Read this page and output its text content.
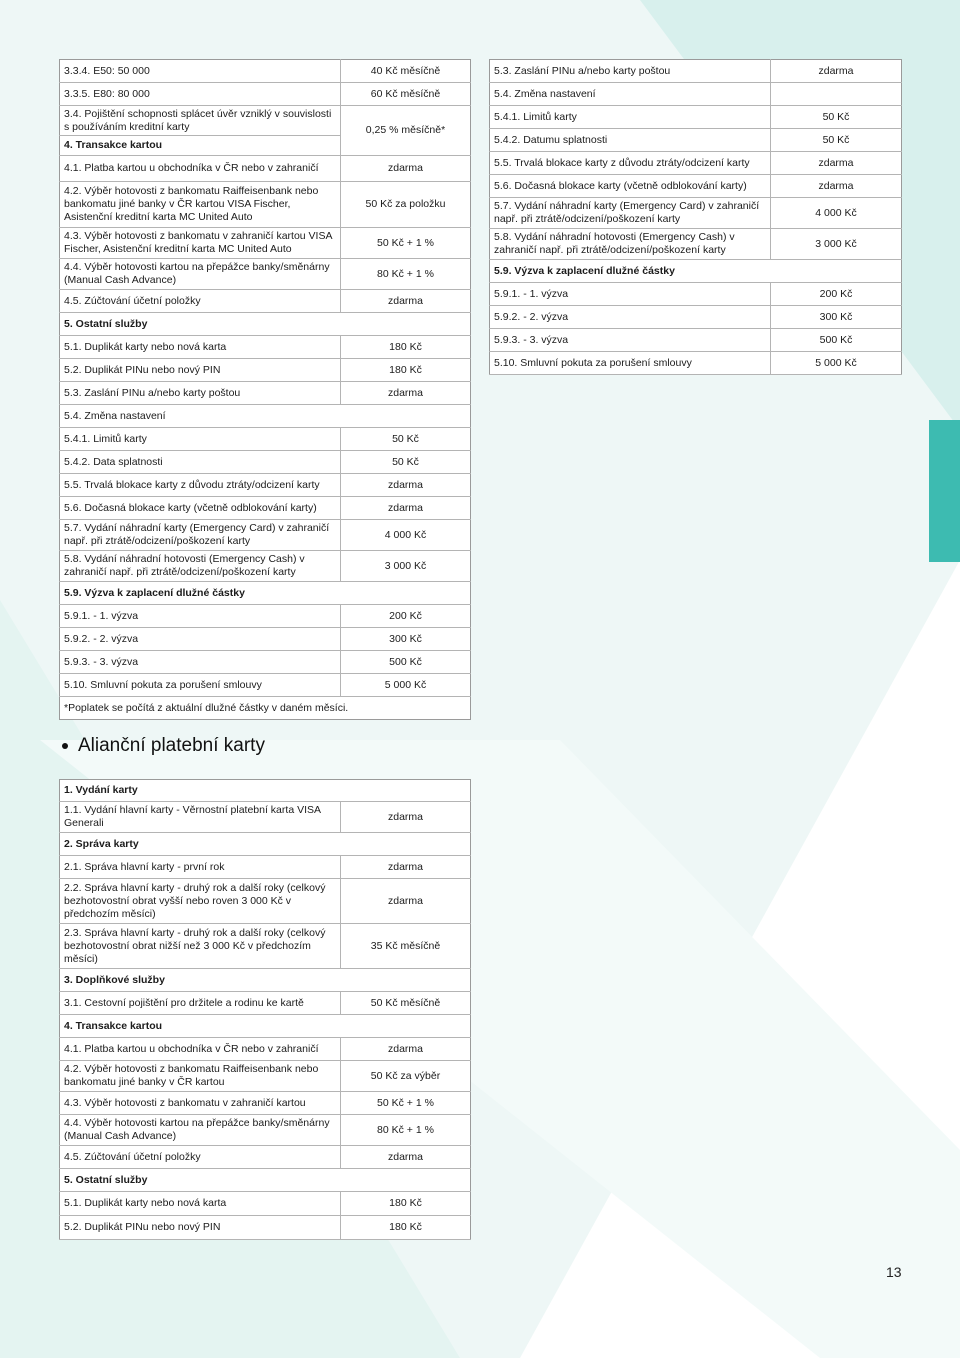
3.3.4. E50: 50 000	40 Kč měsíčně
3.3.5. E80: 80 000	60 Kč měsíčně
3.4. Pojištění schopnosti splácet úvěr vzniklý v souvislosti s používáním kreditní karty	0,25 % měsíčně*
4. Transakce kartou	
4.1. Platba kartou u obchodníka v ČR nebo v zahraničí	zdarma
4.2. Výběr hotovosti z bankomatu Raiffeisenbank nebo bankomatu jiné banky v ČR kartou VISA Fischer, Asistenční kreditní karta MC United Auto	50 Kč za položku
4.3. Výběr hotovosti z bankomatu v zahraničí kartou VISA Fischer, Asistenční kreditní karta MC United Auto	50 Kč + 1 %
4.4. Výběr hotovosti kartou na přepážce banky/směnárny (Manual Cash Advance)	80 Kč + 1 %
4.5. Zúčtování účetní položky	zdarma
5. Ostatní služby	
5.1. Duplikát karty nebo nová karta	180 Kč
5.2. Duplikát PINu nebo nový PIN	180 Kč
5.3. Zaslání PINu a/nebo karty poštou	zdarma
5.4. Změna nastavení	
5.4.1. Limitů karty	50 Kč
5.4.2. Data splatnosti	50 Kč
5.5. Trvalá blokace karty z důvodu ztráty/odcizení karty	zdarma
5.6. Dočasná blokace karty (včetně odblokování karty)	zdarma
5.7. Vydání náhradní karty (Emergency Card) v zahraničí např. při ztrátě/odcizení/poškození karty	4 000 Kč
5.8. Vydání náhradní hotovosti (Emergency Cash) v zahraničí např. při ztrátě/odcizení/poškození karty	3 000 Kč
5.9. Výzva k zaplacení dlužné částky	
5.9.1. - 1. výzva	200 Kč
5.9.2. - 2. výzva	300 Kč
5.9.3. - 3. výzva	500 Kč
5.10. Smluvní pokuta za porušení smlouvy	5 000 Kč
*Poplatek se počítá z aktuální dlužné částky v daném měsíci.	
5.3. Zaslání PINu a/nebo karty poštou	zdarma
5.4. Změna nastavení	
5.4.1. Limitů karty	50 Kč
5.4.2. Datumu splatnosti	50 Kč
5.5. Trvalá blokace karty z důvodu ztráty/odcizení karty	zdarma
5.6. Dočasná blokace karty (včetně odblokování karty)	zdarma
5.7. Vydání náhradní karty (Emergency Card) v zahraničí např. při ztrátě/odcizení/poškození karty	4 000 Kč
5.8. Vydání náhradní hotovosti (Emergency Cash) v zahraničí např. při ztrátě/odcizení/poškození karty	3 000 Kč
5.9. Výzva k zaplacení dlužné částky	
5.9.1. - 1. výzva	200 Kč
5.9.2. - 2. výzva	300 Kč
5.9.3. - 3. výzva	500 Kč
5.10. Smluvní pokuta za porušení smlouvy	5 000 Kč
Alianční platební karty
1. Vydání karty	
1.1. Vydání hlavní karty - Věrnostní platební karta VISA Generali	zdarma
2. Správa karty	
2.1. Správa hlavní karty - první rok	zdarma
2.2. Správa hlavní karty - druhý rok a další roky (celkový bezhotovostní obrat vyšší nebo roven 3 000 Kč v předchozím měsíci)	zdarma
2.3. Správa hlavní karty - druhý rok a další roky (celkový bezhotovostní obrat nižší než 3 000 Kč v předchozím měsíci)	35 Kč měsíčně
3. Doplňkové služby	
3.1. Cestovní pojištění pro držitele a rodinu ke kartě	50 Kč měsíčně
4. Transakce kartou	
4.1. Platba kartou u obchodníka v ČR nebo v zahraničí	zdarma
4.2. Výběr hotovosti z bankomatu Raiffeisenbank nebo bankomatu jiné banky v ČR kartou	50 Kč za výběr
4.3. Výběr hotovosti z bankomatu v zahraničí kartou	50 Kč + 1 %
4.4. Výběr hotovosti kartou na přepážce banky/směnárny (Manual Cash Advance)	80 Kč + 1 %
4.5. Zúčtování účetní položky	zdarma
5. Ostatní služby	
5.1. Duplikát karty nebo nová karta	180 Kč
5.2. Duplikát PINu nebo nový PIN	180 Kč
13
